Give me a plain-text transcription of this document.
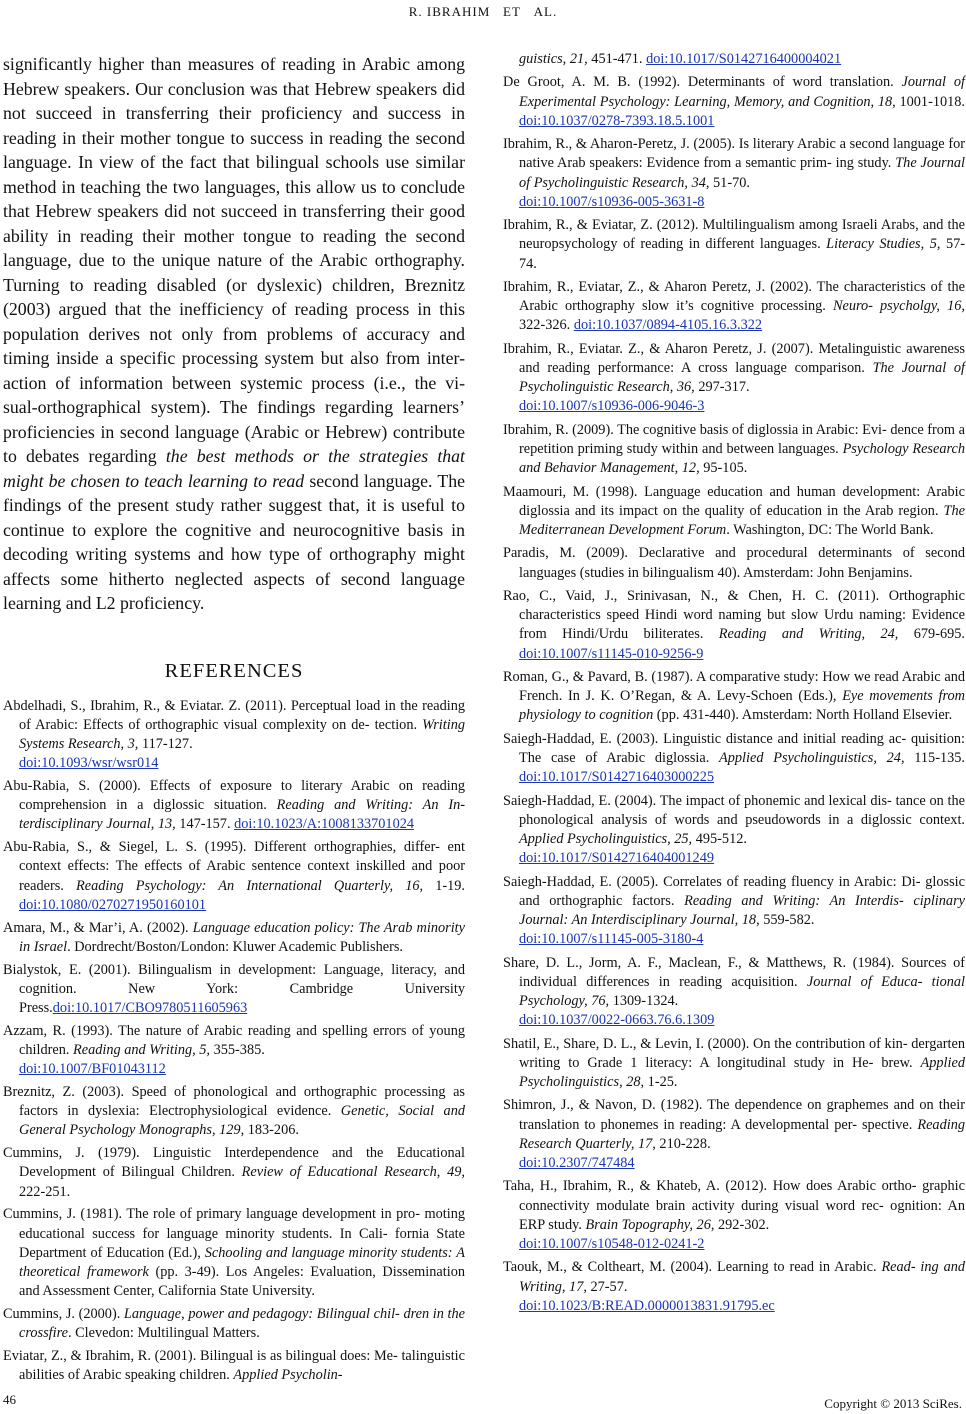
R. IBRAHIM   ET   AL.

significantly higher than measures of reading in Arabic among Hebrew speakers. Our conclusion was that Hebrew speakers did not succeed in transferring their proficiency and success in reading in their mother tongue to success in reading the second language. In view of the fact that bilingual schools use similar method in teaching the two languages, this allow us to conclude that Hebrew speakers did not succeed in transferring their good ability in reading their mother tongue to reading the second language, due to the unique nature of the Arabic orthography. Turning to reading disabled (or dyslexic) children, Breznitz (2003) argued that the inefficiency of reading process in this population derives not only from problems of accuracy and timing inside a specific processing system but also from inter- action of information between systemic process (i.e., the vi- sual-orthographical system). The findings regarding learners’ proficiencies in second language (Arabic or Hebrew) contribute to debates regarding the best methods or the strategies that might be chosen to teach learning to read second language. The findings of the present study rather suggest that, it is useful to continue to explore the cognitive and neurocognitive basis in decoding writing systems and how type of orthography might affects some hitherto neglected aspects of second language learning and L2 proficiency.

REFERENCES

Abdelhadi, S., Ibrahim, R., & Eviatar. Z. (2011). Perceptual load in the reading of Arabic: Effects of orthographic visual complexity on de- tection. Writing Systems Research, 3, 117-127.
doi:10.1093/wsr/wsr014

Abu-Rabia, S. (2000). Effects of exposure to literary Arabic on reading comprehension in a diglossic situation. Reading and Writing: An In- terdisciplinary Journal, 13, 147-157. doi:10.1023/A:1008133701024

Abu-Rabia, S., & Siegel, L. S. (1995). Different orthographies, differ- ent context effects: The effects of Arabic sentence context inskilled and poor readers. Reading Psychology: An International Quarterly, 16, 1-19. doi:10.1080/0270271950160101

Amara, M., & Mar’i, A. (2002). Language education policy: The Arab minority in Israel. Dordrecht/Boston/London: Kluwer Academic Publishers.

Bialystok, E. (2001). Bilingualism in development: Language, literacy, and cognition. New York: Cambridge University Press.doi:10.1017/CBO9780511605963

Azzam, R. (1993). The nature of Arabic reading and spelling errors of young children. Reading and Writing, 5, 355-385.
doi:10.1007/BF01043112

Breznitz, Z. (2003). Speed of phonological and orthographic processing as factors in dyslexia: Electrophysiological evidence. Genetic, Social and General Psychology Monographs, 129, 183-206.

Cummins, J. (1979). Linguistic Interdependence and the Educational Development of Bilingual Children. Review of Educational Research, 49, 222-251.

Cummins, J. (1981). The role of primary language development in pro- moting educational success for language minority students. In Cali- fornia State Department of Education (Ed.), Schooling and language minority students: A theoretical framework (pp. 3-49). Los Angeles: Evaluation, Dissemination and Assessment Center, California State University.

Cummins, J. (2000). Language, power and pedagogy: Bilingual chil- dren in the crossfire. Clevedon: Multilingual Matters.

Eviatar, Z., & Ibrahim, R. (2001). Bilingual is as bilingual does: Me- talinguistic abilities of Arabic speaking children. Applied Psycholin-

guistics, 21, 451-471. doi:10.1017/S0142716400004021

De Groot, A. M. B. (1992). Determinants of word translation. Journal of Experimental Psychology: Learning, Memory, and Cognition, 18, 1001-1018. doi:10.1037/0278-7393.18.5.1001

Ibrahim, R., & Aharon-Peretz, J. (2005). Is literary Arabic a second language for native Arab speakers: Evidence from a semantic prim- ing study. The Journal of Psycholinguistic Research, 34, 51-70.
doi:10.1007/s10936-005-3631-8

Ibrahim, R., & Eviatar, Z. (2012). Multilingualism among Israeli Arabs, and the neuropsychology of reading in different languages. Literacy Studies, 5, 57-74.

Ibrahim, R., Eviatar, Z., & Aharon Peretz, J. (2002). The characteristics of the Arabic orthography slow it’s cognitive processing. Neuro- psycholgy, 16, 322-326. doi:10.1037/0894-4105.16.3.322

Ibrahim, R., Eviatar. Z., & Aharon Peretz, J. (2007). Metalinguistic awareness and reading performance: A cross language comparison. The Journal of Psycholinguistic Research, 36, 297-317.
doi:10.1007/s10936-006-9046-3

Ibrahim, R. (2009). The cognitive basis of diglossia in Arabic: Evi- dence from a repetition priming study within and between languages. Psychology Research and Behavior Management, 12, 95-105.

Maamouri, M. (1998). Language education and human development: Arabic diglossia and its impact on the quality of education in the Arab region. The Mediterranean Development Forum. Washington, DC: The World Bank.

Paradis, M. (2009). Declarative and procedural determinants of second languages (studies in bilingualism 40). Amsterdam: John Benjamins.

Rao, C., Vaid, J., Srinivasan, N., & Chen, H. C. (2011). Orthographic characteristics speed Hindi word naming but slow Urdu naming: Evidence from Hindi/Urdu biliterates. Reading and Writing, 24, 679-695. doi:10.1007/s11145-010-9256-9

Roman, G., & Pavard, B. (1987). A comparative study: How we read Arabic and French. In J. K. O’Regan, & A. Levy-Schoen (Eds.), Eye movements from physiology to cognition (pp. 431-440). Amsterdam: North Holland Elsevier.

Saiegh-Haddad, E. (2003). Linguistic distance and initial reading ac- quisition: The case of Arabic diglossia. Applied Psycholinguistics, 24, 115-135. doi:10.1017/S0142716403000225

Saiegh-Haddad, E. (2004). The impact of phonemic and lexical dis- tance on the phonological analysis of words and pseudowords in a diglossic context. Applied Psycholinguistics, 25, 495-512.
doi:10.1017/S0142716404001249

Saiegh-Haddad, E. (2005). Correlates of reading fluency in Arabic: Di- glossic and orthographic factors. Reading and Writing: An Interdis- ciplinary Journal: An Interdisciplinary Journal, 18, 559-582.
doi:10.1007/s11145-005-3180-4

Share, D. L., Jorm, A. F., Maclean, F., & Matthews, R. (1984). Sources of individual differences in reading acquisition. Journal of Educa- tional Psychology, 76, 1309-1324.
doi:10.1037/0022-0663.76.6.1309

Shatil, E., Share, D. L., & Levin, I. (2000). On the contribution of kin- dergarten writing to Grade 1 literacy: A longitudinal study in He- brew. Applied Psycholinguistics, 28, 1-25.

Shimron, J., & Navon, D. (1982). The dependence on graphemes and on their translation to phonemes in reading: A developmental per- spective. Reading Research Quarterly, 17, 210-228.
doi:10.2307/747484

Taha, H., Ibrahim, R., & Khateb, A. (2012). How does Arabic ortho- graphic connectivity modulate brain activity during visual word rec- ognition: An ERP study. Brain Topography, 26, 292-302.
doi:10.1007/s10548-012-0241-2

Taouk, M., & Coltheart, M. (2004). Learning to read in Arabic. Read- ing and Writing, 17, 27-57.
doi:10.1023/B:READ.0000013831.91795.ec

46	Copyright © 2013 SciRes.
